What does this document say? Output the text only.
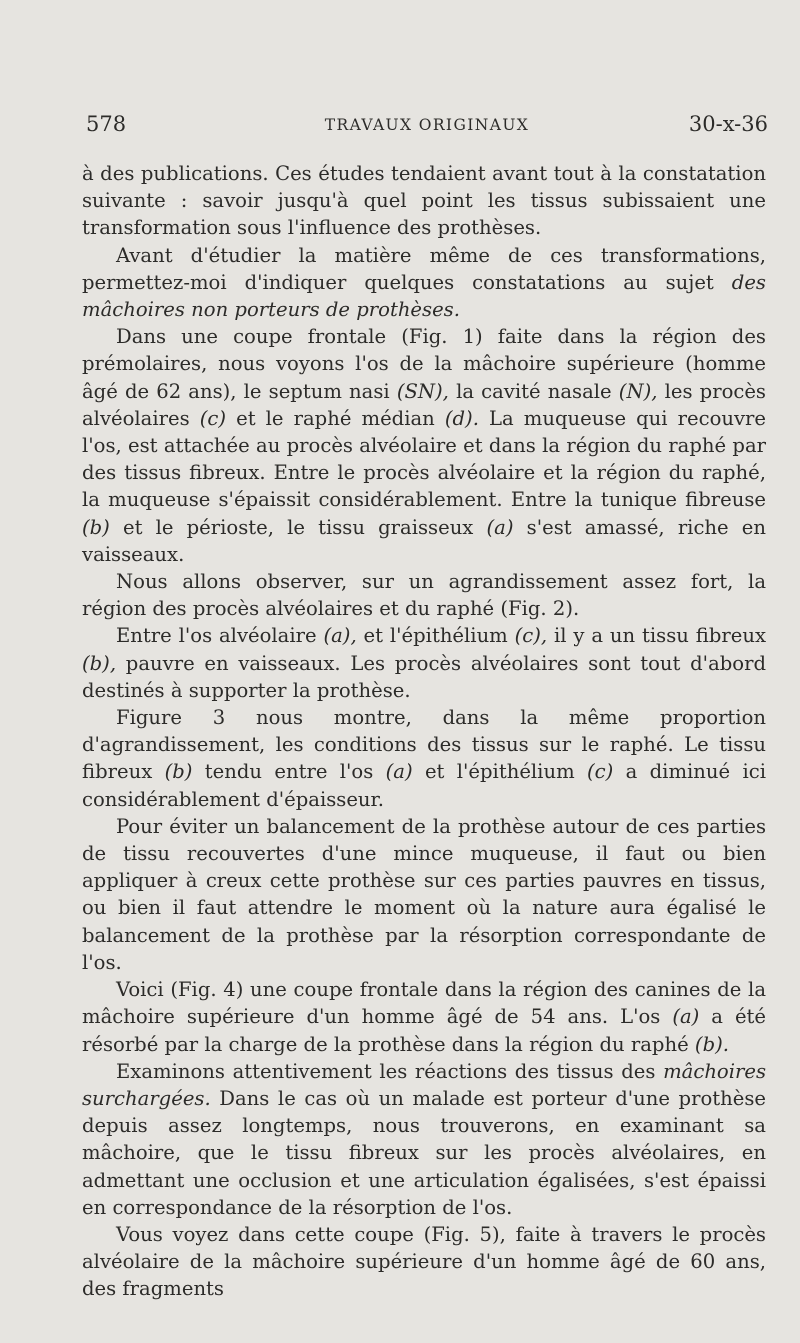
578	TRAVAUX ORIGINAUX	30-x-36

à des publications. Ces études tendaient avant tout à la constatation suivante : savoir jusqu'à quel point les tissus subissaient une transformation sous l'influence des prothèses.

Avant d'étudier la matière même de ces transformations, permettez-moi d'indiquer quelques constatations au sujet des mâchoires non porteurs de prothèses.

Dans une coupe frontale (Fig. 1) faite dans la région des prémolaires, nous voyons l'os de la mâchoire supérieure (homme âgé de 62 ans), le septum nasi (SN), la cavité nasale (N), les procès alvéolaires (c) et le raphé médian (d). La muqueuse qui recouvre l'os, est attachée au procès alvéolaire et dans la région du raphé par des tissus fibreux. Entre le procès alvéolaire et la région du raphé, la muqueuse s'épaissit considérablement. Entre la tunique fibreuse (b) et le périoste, le tissu graisseux (a) s'est amassé, riche en vaisseaux.

Nous allons observer, sur un agrandissement assez fort, la région des procès alvéolaires et du raphé (Fig. 2).

Entre l'os alvéolaire (a), et l'épithélium (c), il y a un tissu fibreux (b), pauvre en vaisseaux. Les procès alvéolaires sont tout d'abord destinés à supporter la prothèse.

Figure 3 nous montre, dans la même proportion d'agrandissement, les conditions des tissus sur le raphé. Le tissu fibreux (b) tendu entre l'os (a) et l'épithélium (c) a diminué ici considérablement d'épaisseur.

Pour éviter un balancement de la prothèse autour de ces parties de tissu recouvertes d'une mince muqueuse, il faut ou bien appliquer à creux cette prothèse sur ces parties pauvres en tissus, ou bien il faut attendre le moment où la nature aura égalisé le balancement de la prothèse par la résorption correspondante de l'os.

Voici (Fig. 4) une coupe frontale dans la région des canines de la mâchoire supérieure d'un homme âgé de 54 ans. L'os (a) a été résorbé par la charge de la prothèse dans la région du raphé (b).

Examinons attentivement les réactions des tissus des mâchoires surchargées. Dans le cas où un malade est porteur d'une prothèse depuis assez longtemps, nous trouverons, en examinant sa mâchoire, que le tissu fibreux sur les procès alvéolaires, en admettant une occlusion et une articulation égalisées, s'est épaissi en correspondance de la résorption de l'os.

Vous voyez dans cette coupe (Fig. 5), faite à travers le procès alvéolaire de la mâchoire supérieure d'un homme âgé de 60 ans, des fragments
